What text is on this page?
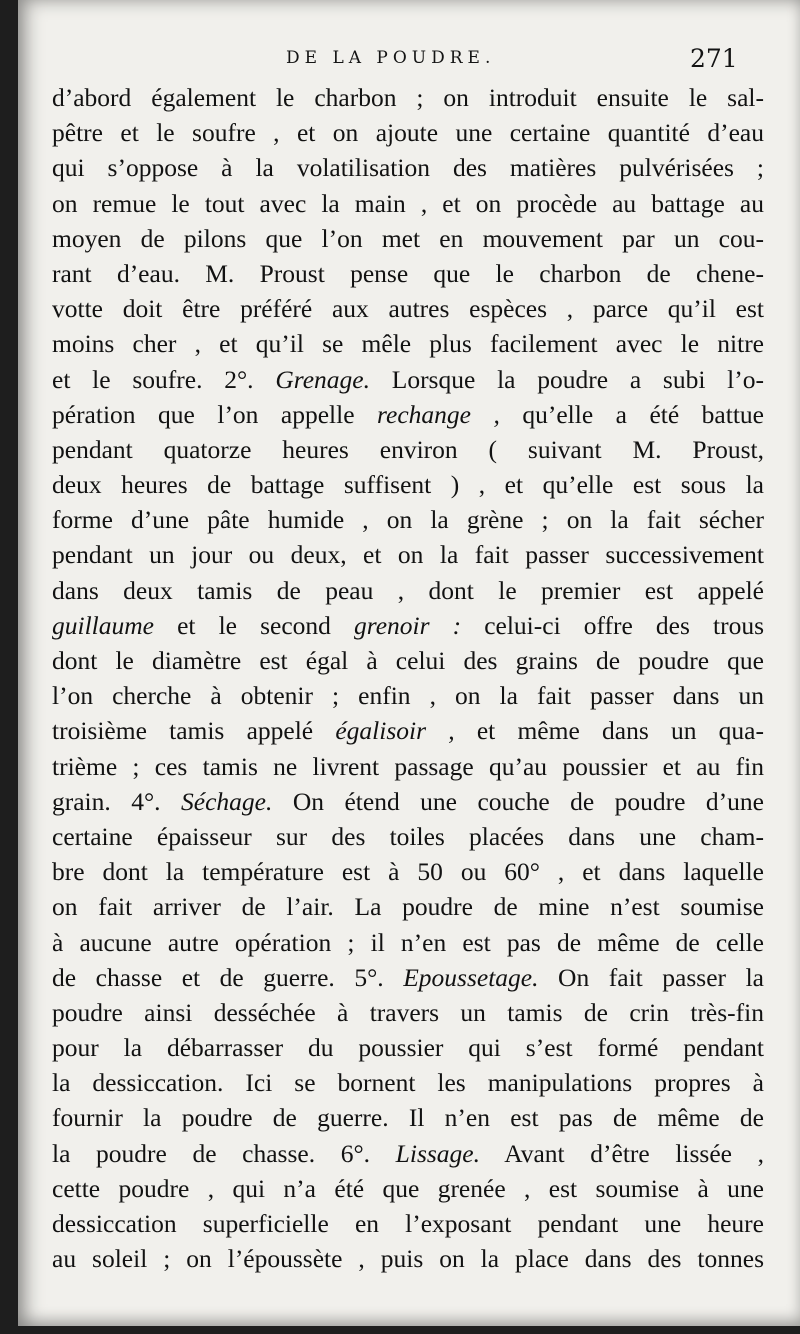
DE LA POUDRE.	271
d’abord également le charbon ; on introduit ensuite le sal-
pêtre et le soufre , et on ajoute une certaine quantité d’eau
qui s’oppose à la volatilisation des matières pulvérisées ;
on remue le tout avec la main , et on procède au battage au
moyen de pilons que l’on met en mouvement par un cou-
rant d’eau. M. Proust pense que le charbon de chene-
votte doit être préféré aux autres espèces , parce qu’il est
moins cher , et qu’il se mêle plus facilement avec le nitre
et le soufre. 2°. Grenage. Lorsque la poudre a subi l’o-
pération que l’on appelle rechange , qu’elle a été battue
pendant quatorze heures environ ( suivant M. Proust,
deux heures de battage suffisent ) , et qu’elle est sous la
forme d’une pâte humide , on la grène ; on la fait sécher
pendant un jour ou deux, et on la fait passer successivement
dans deux tamis de peau , dont le premier est appelé
guillaume et le second grenoir : celui-ci offre des trous
dont le diamètre est égal à celui des grains de poudre que
l’on cherche à obtenir ; enfin , on la fait passer dans un
troisième tamis appelé égalisoir , et même dans un qua-
trième ; ces tamis ne livrent passage qu’au poussier et au fin
grain. 4°. Séchage. On étend une couche de poudre d’une
certaine épaisseur sur des toiles placées dans une cham-
bre dont la température est à 50 ou 60° , et dans laquelle
on fait arriver de l’air. La poudre de mine n’est soumise
à aucune autre opération ; il n’en est pas de même de celle
de chasse et de guerre. 5°. Epoussetage. On fait passer la
poudre ainsi desséchée à travers un tamis de crin très-fin
pour la débarrasser du poussier qui s’est formé pendant
la dessiccation. Ici se bornent les manipulations propres à
fournir la poudre de guerre. Il n’en est pas de même de
la poudre de chasse. 6°. Lissage. Avant d’être lissée ,
cette poudre , qui n’a été que grenée , est soumise à une
dessiccation superficielle en l’exposant pendant une heure
au soleil ; on l’époussète , puis on la place dans des tonnes
